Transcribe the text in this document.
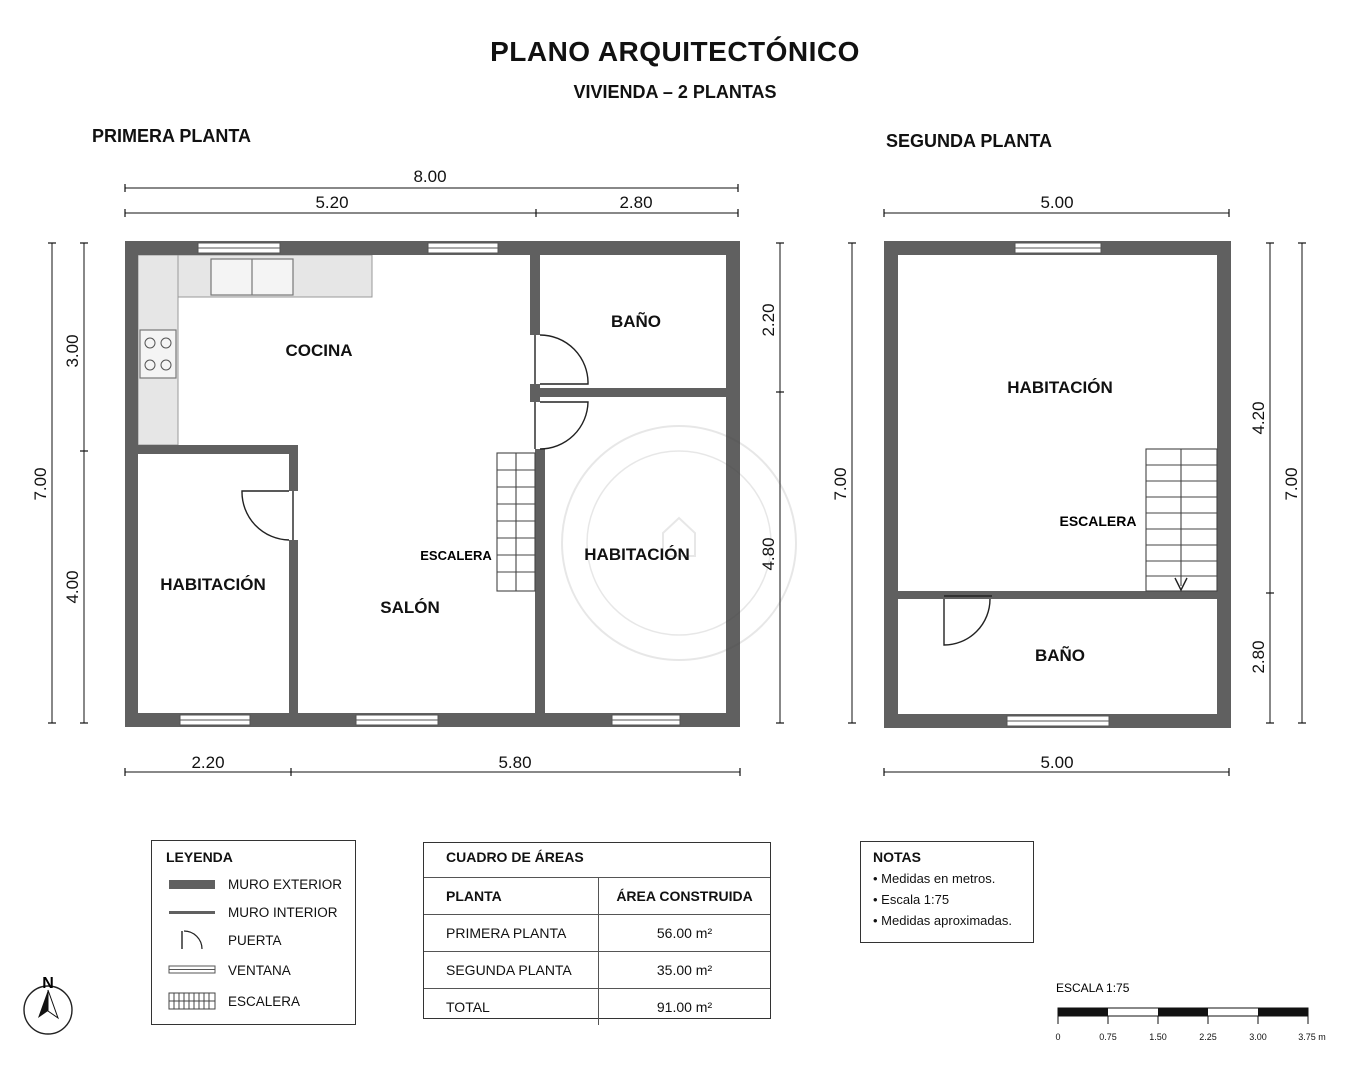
PLANO ARQUITECTÓNICO
VIVIENDA – 2 PLANTAS
PRIMERA PLANTA	SEGUNDA PLANTA
COCINA
BAÑO
HABITACIÓN
SALÓN
HABITACIÓN
ESCALERA
8.00
5.20	2.80
2.20	5.80
7.00
3.00
4.00
2.20
4.80
HABITACIÓN
BAÑO
ESCALERA
5.00
5.00
7.00
4.20
2.80
7.00
N	ESCALA 1:75
0	0.75	1.50	2.25	3.00	3.75 m
LEYENDA
MURO EXTERIOR
MURO INTERIOR
PUERTA
VENTANA
ESCALERA
CUADRO DE ÁREAS
PLANTA	ÁREA CONSTRUIDA
PRIMERA PLANTA	56.00 m²
SEGUNDA PLANTA	35.00 m²
TOTAL	91.00 m²
NOTAS
• Medidas en metros.
• Escala 1:75
• Medidas aproximadas.
